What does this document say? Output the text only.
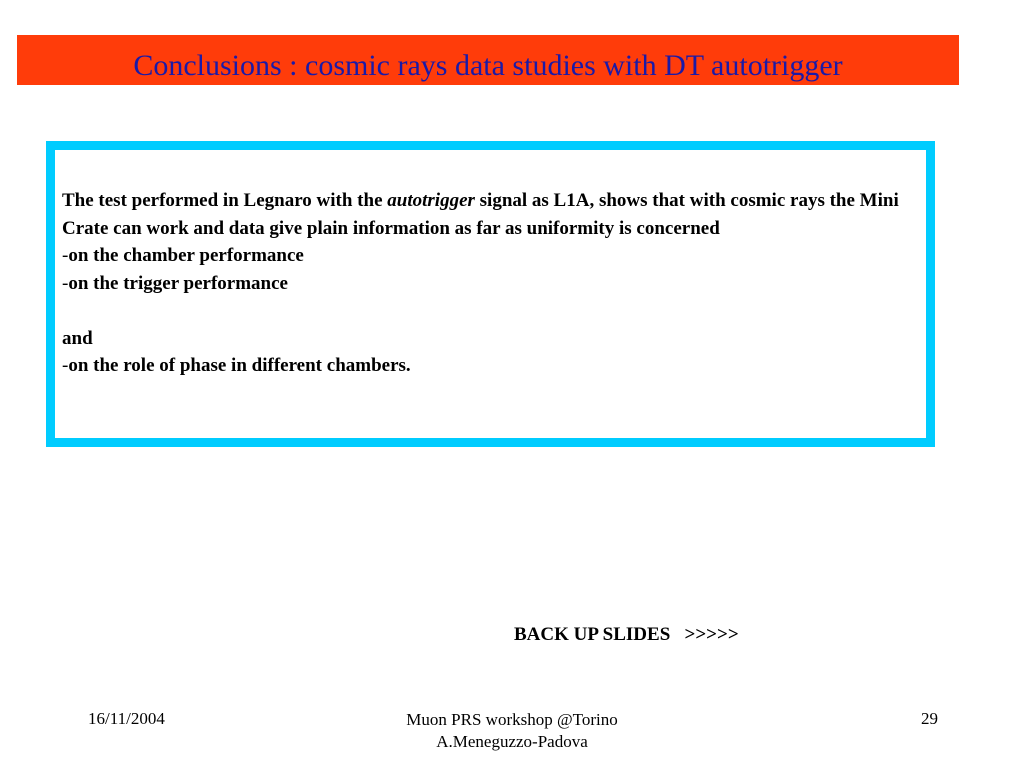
Conclusions : cosmic rays data studies with DT autotrigger

The test performed in Legnaro with the autotrigger signal as L1A, shows that with cosmic rays the Mini Crate can work and data give plain information as far as uniformity is concerned

-on the chamber performance

-on the trigger performance

and

-on the role of phase in different chambers.

BACK UP SLIDES   >>>>>
16/11/2004	Muon PRS workshop @Torino
A.Meneguzzo-Padova
29
